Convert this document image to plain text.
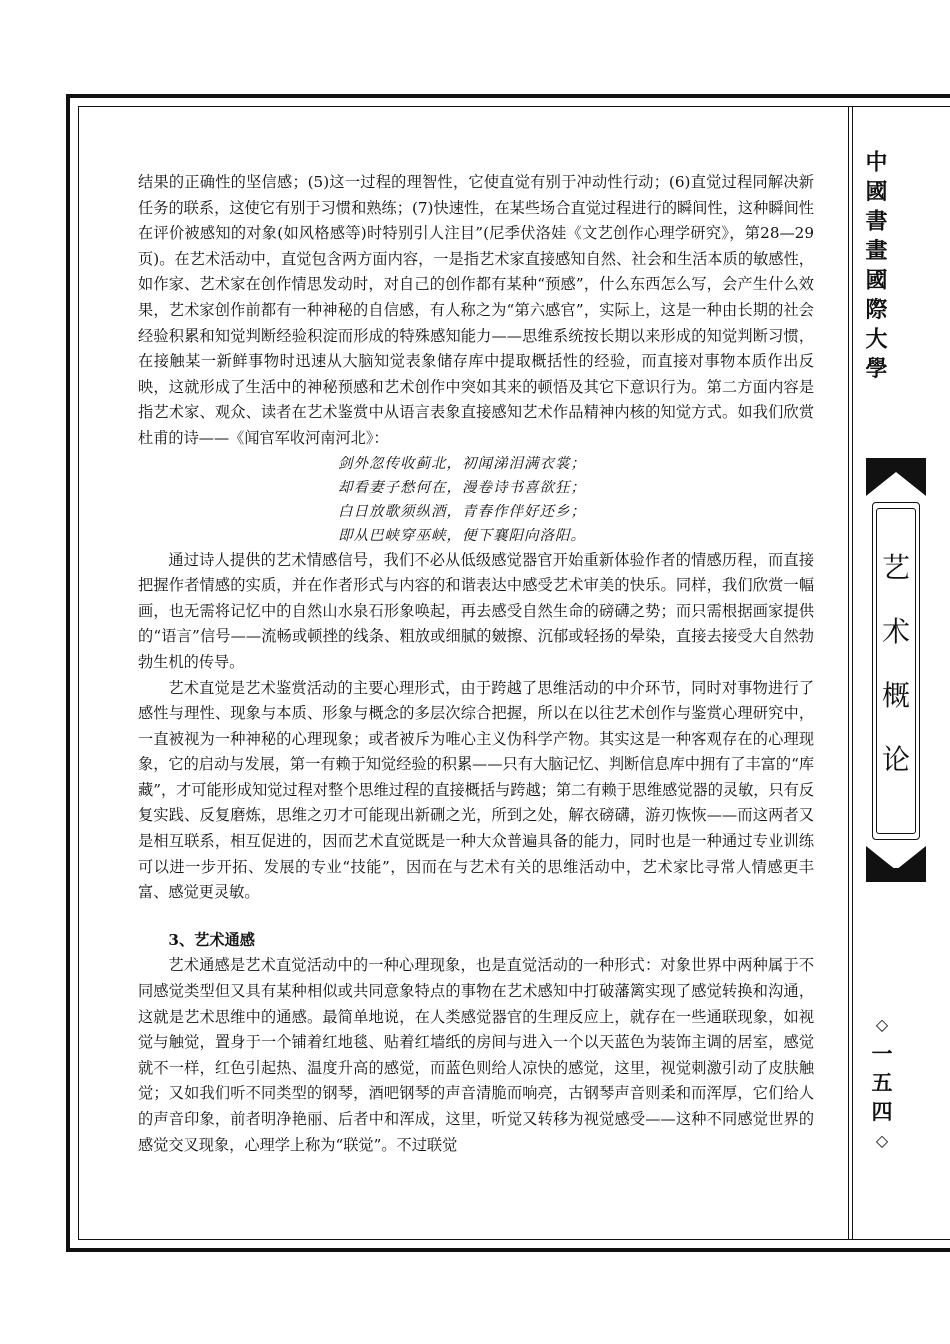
结果的正确性的坚信感；(5)这一过程的理智性，它使直觉有别于冲动性行动；(6)直觉过程同解决新任务的联系，这使它有别于习惯和熟练；(7)快速性，在某些场合直觉过程进行的瞬间性，这种瞬间性在评价被感知的对象(如风格感等)时特别引人注目”(尼季伏洛娃《文艺创作心理学研究》，第28—29页)。在艺术活动中，直觉包含两方面内容，一是指艺术家直接感知自然、社会和生活本质的敏感性，如作家、艺术家在创作情思发动时，对自己的创作都有某种“预感”，什么东西怎么写，会产生什么效果，艺术家创作前都有一种神秘的自信感，有人称之为“第六感官”，实际上，这是一种由长期的社会经验积累和知觉判断经验积淀而形成的特殊感知能力——思维系统按长期以来形成的知觉判断习惯，在接触某一新鲜事物时迅速从大脑知觉表象储存库中提取概括性的经验，而直接对事物本质作出反映，这就形成了生活中的神秘预感和艺术创作中突如其来的顿悟及其它下意识行为。第二方面内容是指艺术家、观众、读者在艺术鉴赏中从语言表象直接感知艺术作品精神内核的知觉方式。如我们欣赏杜甫的诗——《闻官军收河南河北》：

剑外忽传收蓟北，初闻涕泪满衣裳；
却看妻子愁何在，漫卷诗书喜欲狂；
白日放歌须纵酒，青春作伴好还乡；
即从巴峡穿巫峡，便下襄阳向洛阳。

通过诗人提供的艺术情感信号，我们不必从低级感觉器官开始重新体验作者的情感历程，而直接把握作者情感的实质，并在作者形式与内容的和谐表达中感受艺术审美的快乐。同样，我们欣赏一幅画，也无需将记忆中的自然山水泉石形象唤起，再去感受自然生命的磅礴之势；而只需根据画家提供的“语言”信号——流畅或顿挫的线条、粗放或细腻的皴擦、沉郁或轻扬的晕染，直接去接受大自然勃勃生机的传导。

艺术直觉是艺术鉴赏活动的主要心理形式，由于跨越了思维活动的中介环节，同时对事物进行了感性与理性、现象与本质、形象与概念的多层次综合把握，所以在以往艺术创作与鉴赏心理研究中，一直被视为一种神秘的心理现象；或者被斥为唯心主义伪科学产物。其实这是一种客观存在的心理现象，它的启动与发展，第一有赖于知觉经验的积累——只有大脑记忆、判断信息库中拥有了丰富的“库藏”，才可能形成知觉过程对整个思维过程的直接概括与跨越；第二有赖于思维感觉器的灵敏，只有反复实践、反复磨炼，思维之刃才可能现出新硎之光，所到之处，解衣磅礴，游刃恢恢——而这两者又是相互联系，相互促进的，因而艺术直觉既是一种大众普遍具备的能力，同时也是一种通过专业训练可以进一步开拓、发展的专业“技能”，因而在与艺术有关的思维活动中，艺术家比寻常人情感更丰富、感觉更灵敏。

3、艺术通感

艺术通感是艺术直觉活动中的一种心理现象，也是直觉活动的一种形式：对象世界中两种属于不同感觉类型但又具有某种相似或共同意象特点的事物在艺术感知中打破藩篱实现了感觉转换和沟通，这就是艺术思维中的通感。最简单地说，在人类感觉器官的生理反应上，就存在一些通联现象，如视觉与触觉，置身于一个铺着红地毯、贴着红墙纸的房间与进入一个以天蓝色为装饰主调的居室，感觉就不一样，红色引起热、温度升高的感觉，而蓝色则给人凉快的感觉，这里，视觉刺激引动了皮肤触觉；又如我们听不同类型的钢琴，酒吧钢琴的声音清脆而响亮，古钢琴声音则柔和而浑厚，它们给人的声音印象，前者明净艳丽、后者中和浑成，这里，听觉又转移为视觉感受——这种不同感觉世界的感觉交叉现象，心理学上称为“联觉”。不过联觉

中國書畫國際大學
艺
术
概
论
◇
一
五
四
◇
